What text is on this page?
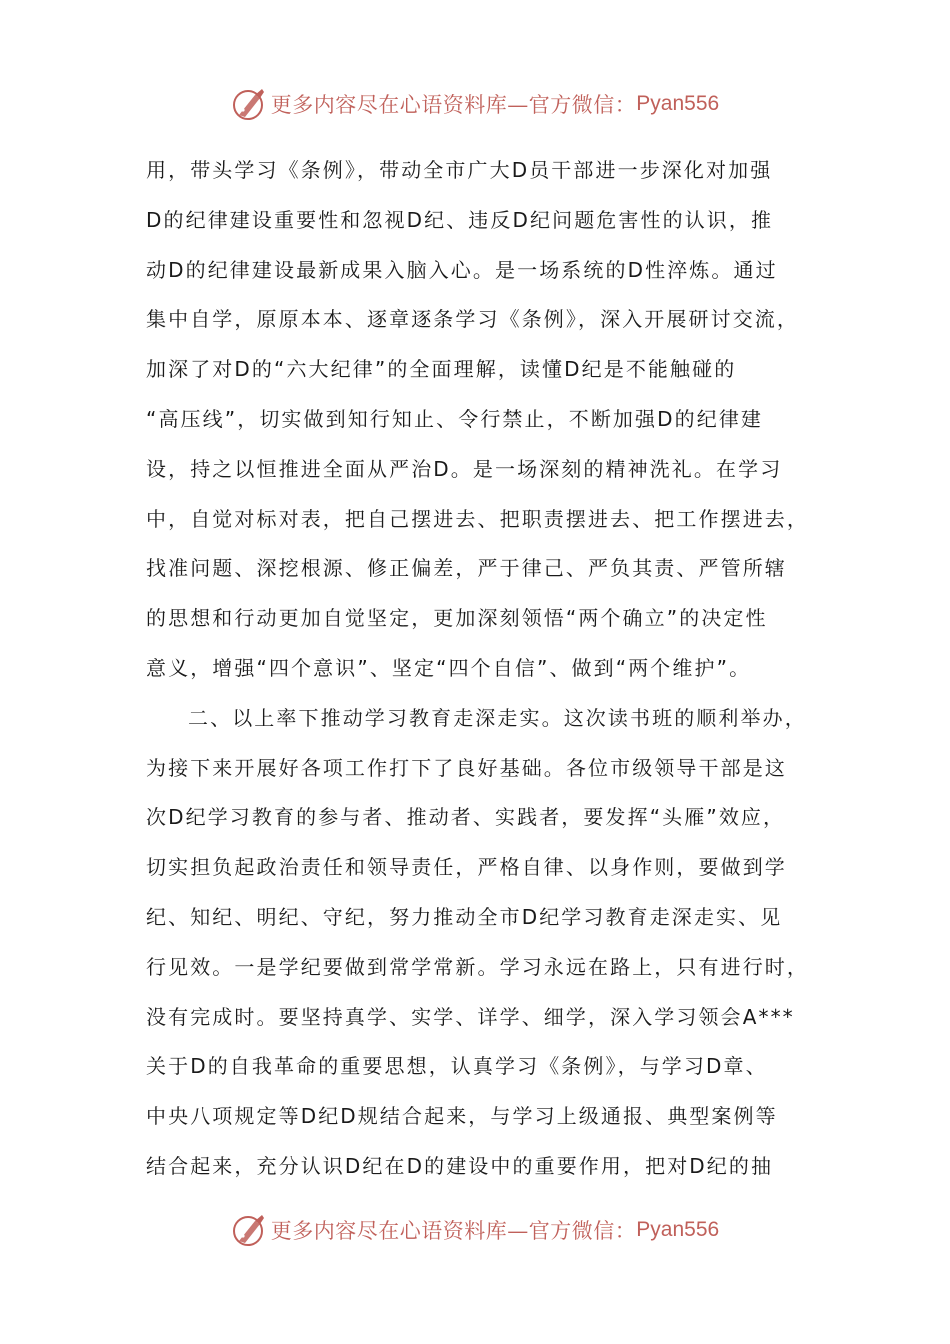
更多内容尽在心语资料库—官方微信： Pyan556
用，带头学习《条例》，带动全市广大D员干部进一步深化对加强
D的纪律建设重要性和忽视D纪、违反D纪问题危害性的认识，推
动D的纪律建设最新成果入脑入心。是一场系统的D性淬炼。通过
集中自学，原原本本、逐章逐条学习《条例》，深入开展研讨交流，
加深了对D的“六大纪律”的全面理解，读懂D纪是不能触碰的
“高压线”，切实做到知行知止、令行禁止，不断加强D的纪律建
设，持之以恒推进全面从严治D。是一场深刻的精神洗礼。在学习
中，自觉对标对表，把自己摆进去、把职责摆进去、把工作摆进去，
找准问题、深挖根源、修正偏差，严于律己、严负其责、严管所辖
的思想和行动更加自觉坚定，更加深刻领悟“两个确立”的决定性
意义，增强“四个意识”、坚定“四个自信”、做到“两个维护”。
二、以上率下推动学习教育走深走实。这次读书班的顺利举办，
为接下来开展好各项工作打下了良好基础。各位市级领导干部是这
次D纪学习教育的参与者、推动者、实践者，要发挥“头雁”效应，
切实担负起政治责任和领导责任，严格自律、以身作则，要做到学
纪、知纪、明纪、守纪，努力推动全市D纪学习教育走深走实、见
行见效。一是学纪要做到常学常新。学习永远在路上，只有进行时，
没有完成时。要坚持真学、实学、详学、细学，深入学习领会A***
关于D的自我革命的重要思想，认真学习《条例》，与学习D章、
中央八项规定等D纪D规结合起来，与学习上级通报、典型案例等
结合起来，充分认识D纪在D的建设中的重要作用，把对D纪的抽
更多内容尽在心语资料库—官方微信： Pyan556
